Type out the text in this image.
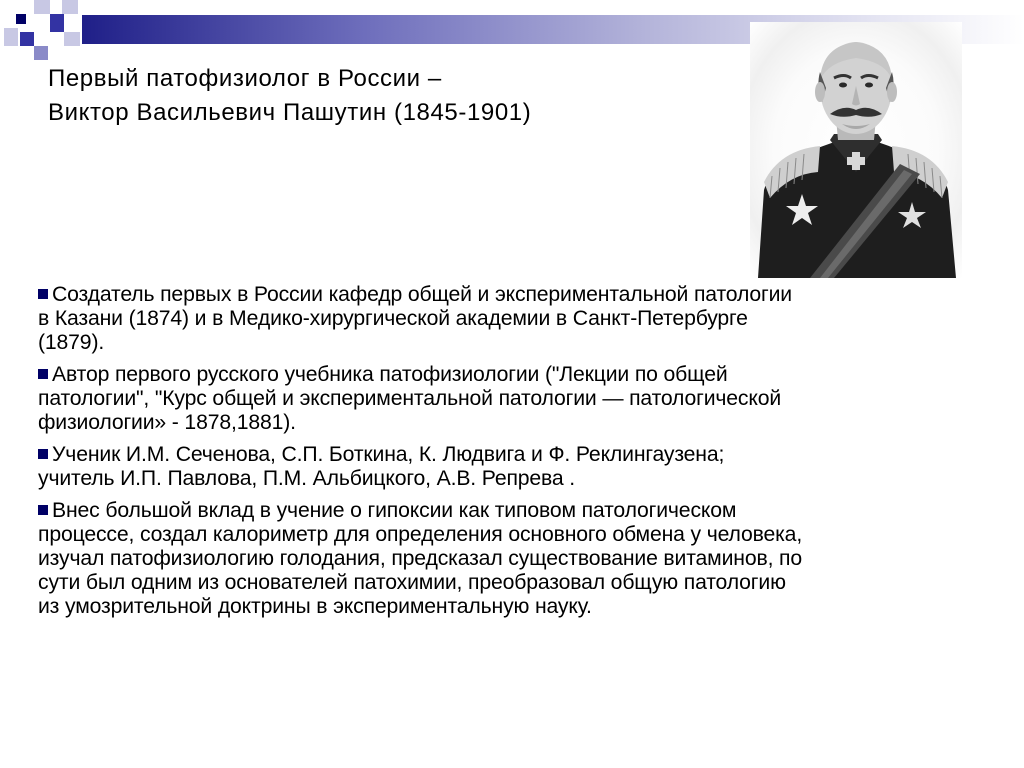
Первый патофизиолог в России –
Виктор Васильевич Пашутин (1845-1901)
Создатель первых в России кафедр общей и экспериментальной патологии
в Казани (1874) и в Медико-хирургической академии в Санкт-Петербурге
(1879).
Автор первого русского учебника патофизиологии ("Лекции по общей
патологии", "Курс общей и экспериментальной патологии — патологической
физиологии» - 1878,1881).
Ученик И.М. Сеченова, С.П. Боткина, К. Людвига и Ф. Реклингаузена;
учитель И.П. Павлова, П.М. Альбицкого, А.В. Репрева .
Внес большой вклад в учение о гипоксии как типовом патологическом
процессе, создал калориметр для определения основного обмена у человека,
изучал патофизиологию голодания, предсказал существование витаминов, по
сути был одним из основателей патохимии, преобразовал общую патологию
из умозрительной доктрины в экспериментальную науку.
